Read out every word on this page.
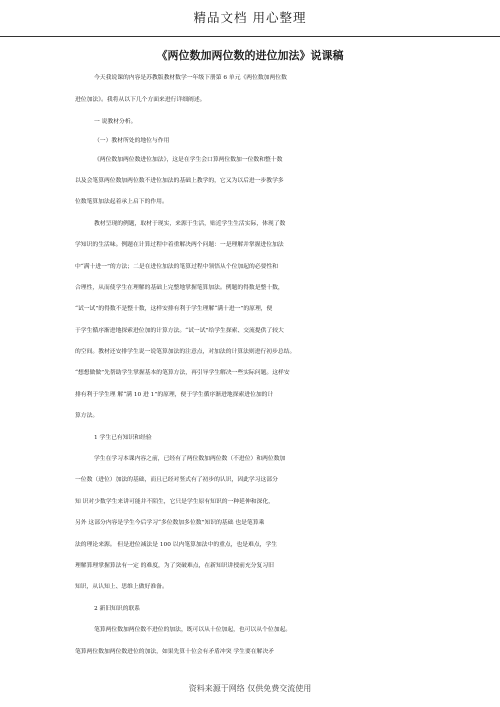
精品文档 用心整理
《两位数加两位数的进位加法》说课稿
今天我说课的内容是苏教版教材数学一年级下册第 6 单元《两位数加两位数
进位加法》。我将从以下几个方面来进行详细阐述。
一 说教材分析。
（一）教材所处的地位与作用
《两位数加两位数进位加法》，这是在学生会口算两位数加一位数和整十数
以及会笔算两位数加两位数不进位加法的基础上教学的，它又为以后进一步教学多
位数笔算加法起着承上启下的作用。
教材呈现的例题，取材于现实，来源于生活，贴近学生生活实际，体现了数
学知识的生活味。例题在计算过程中着重解决两个问题：一是理解并掌握进位加法
中“满十进一”的方法；二是在进位加法的笔算过程中领悟从个位加起的必要性和
合理性，从而使学生在理解的基础上完整地掌握笔算加法。例题的得数是整十数，
“试一试”的得数不是整十数，这样安排有利于学生理解“满十进一”的原理，便
于学生循序渐进地探索进位加的计算方法。“试一试”给学生探索、交流提供了较大
的空间。教材还安排学生说一说笔算加法的注意点，对加法的计算法则进行初步总结。
“想想做做”先帮助学生掌握基本的笔算方法，再引导学生解决一些实际问题。这样安
排有利于学生理 解“满 10 进 1”的原理，便于学生循序渐进地探索进位加的计
算方法。
1 学生已有知识和经验
学生在学习本课内容之前，已经有了两位数加两位数（不进位）和两位数加
一位数（进位）加法的基础，而且已经对竖式有了初步的认识，因此学习这部分
知 识对少数学生来讲可能并不陌生，它只是学生原有知识的一种延伸和深化，
另外 这部分内容是学生今后学习“多位数加多位数”知识的基础 也是笔算乘
法的理论来源。 但是进位减法是 100 以内笔算加法中的重点，也是难点，学生
理解算理掌握算法有一定 的难度，为了突破难点，在新知识讲授前充分复习旧
知识，从认知上、思维上做好准备。
2 新旧知识的联系
笔算两位数加两位数不进位的加法，既可以从十位加起，也可以从个位加起。
笔算两位数加两位数进位的加法，如果先算十位会有矛盾冲突 学生要在解决矛
资料来源于网络 仅供免费交流使用
